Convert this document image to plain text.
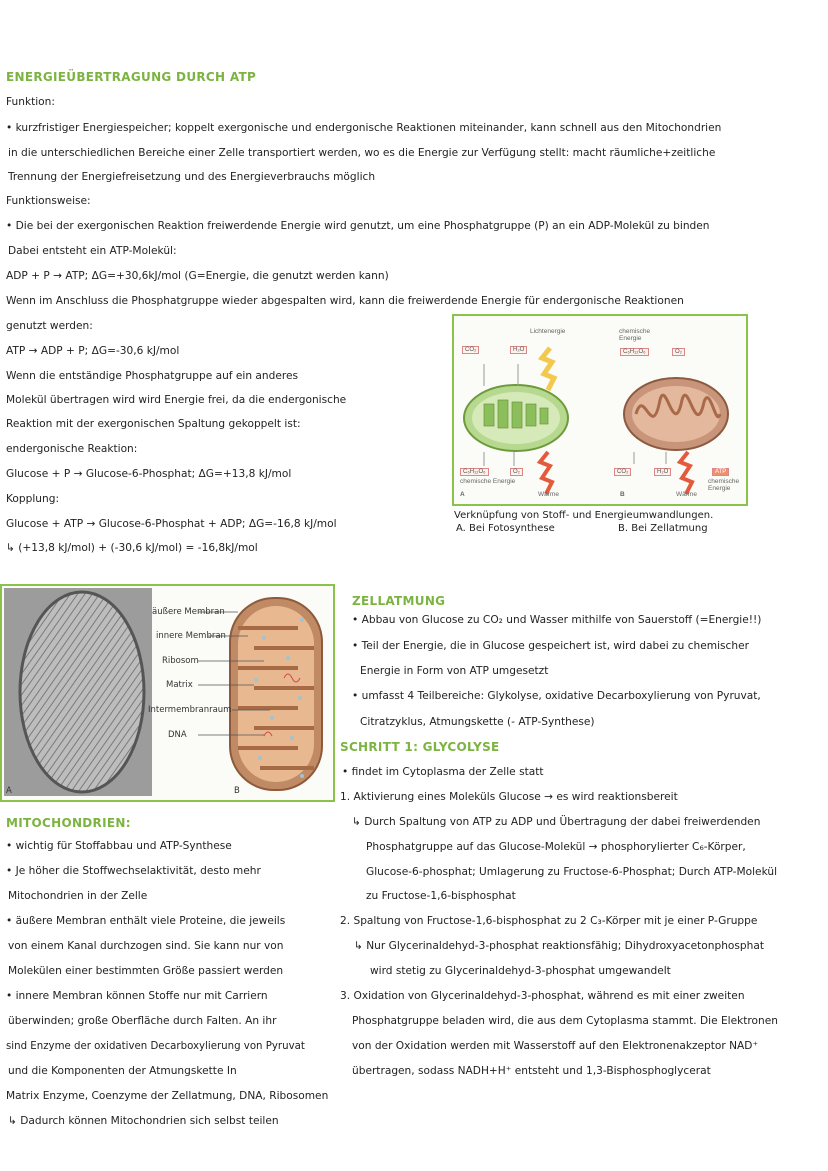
ENERGIEÜBERTRAGUNG DURCH ATP
Funktion:
• kurzfristiger Energiespeicher; koppelt exergonische und endergonische Reaktionen miteinander, kann schnell aus den Mitochondrien
in die unterschiedlichen Bereiche einer Zelle transportiert werden, wo es die Energie zur Verfügung stellt: macht räumliche+zeitliche
Trennung der Energiefreisetzung und des Energieverbrauchs möglich
Funktionsweise:
• Die bei der exergonischen Reaktion freiwerdende Energie wird genutzt, um eine Phosphatgruppe (P) an ein ADP-Molekül zu binden
Dabei entsteht ein ATP-Molekül:
ADP + P → ATP; ΔG=+30,6kJ/mol (G=Energie, die genutzt werden kann)
Wenn im Anschluss die Phosphatgruppe wieder abgespalten wird, kann die freiwerdende Energie für endergonische Reaktionen
genutzt werden:
ATP → ADP + P; ΔG=-30,6 kJ/mol
Wenn die entständige Phosphatgruppe auf ein anderes
Molekül übertragen wird wird Energie frei, da die endergonische
Reaktion mit der exergonischen Spaltung gekoppelt ist:
endergonische Reaktion:
Glucose + P → Glucose-6-Phosphat; ΔG=+13,8 kJ/mol
Kopplung:
Glucose + ATP → Glucose-6-Phosphat + ADP; ΔG=-16,8 kJ/mol
↳ (+13,8 kJ/mol) + (-30,6 kJ/mol) = -16,8kJ/mol
Lichtenergie	chemische Energie
CO₂	H₂O	C₆H₁₂O₆	O₂
C₆H₁₂O₆	O₂
chemische Energie
A	Wärme
CO₂	H₂O	ATP
chemische Energie
B	Wärme
Verknüpfung von Stoff- und Energieumwandlungen.
A. Bei Fotosynthese	B. Bei Zellatmung
äußere Membran
innere Membran
Ribosom
Matrix
Intermembranraum
DNA
A	B
ZELLATMUNG
• Abbau von Glucose zu CO₂ und Wasser mithilfe von Sauerstoff (=Energie!!)
• Teil der Energie, die in Glucose gespeichert ist, wird dabei zu chemischer
Energie in Form von ATP umgesetzt
• umfasst 4 Teilbereiche: Glykolyse, oxidative Decarboxylierung von Pyruvat,
Citratzyklus, Atmungskette (- ATP-Synthese)
SCHRITT 1: GLYCOLYSE
• findet im Cytoplasma der Zelle statt
1. Aktivierung eines Moleküls Glucose → es wird reaktionsbereit
↳ Durch Spaltung von ATP zu ADP und Übertragung der dabei freiwerdenden
Phosphatgruppe auf das Glucose-Molekül → phosphorylierter C₆-Körper,
Glucose-6-phosphat; Umlagerung zu Fructose-6-Phosphat; Durch ATP-Molekül
zu Fructose-1,6-bisphosphat
2. Spaltung von Fructose-1,6-bisphosphat zu 2 C₃-Körper mit je einer P-Gruppe
↳ Nur Glycerinaldehyd-3-phosphat reaktionsfähig; Dihydroxyacetonphosphat
wird stetig zu Glycerinaldehyd-3-phosphat umgewandelt
3. Oxidation von Glycerinaldehyd-3-phosphat, während es mit einer zweiten
Phosphatgruppe beladen wird, die aus dem Cytoplasma stammt. Die Elektronen
von der Oxidation werden mit Wasserstoff auf den Elektronenakzeptor NAD⁺
übertragen, sodass NADH+H⁺ entsteht und 1,3-Bisphosphoglycerat
MITOCHONDRIEN:
• wichtig für Stoffabbau und ATP-Synthese
• Je höher die Stoffwechselaktivität, desto mehr
Mitochondrien in der Zelle
• äußere Membran enthält viele Proteine, die jeweils
von einem Kanal durchzogen sind. Sie kann nur von
Molekülen einer bestimmten Größe passiert werden
• innere Membran können Stoffe nur mit Carriern
überwinden; große Oberfläche durch Falten. An ihr
sind Enzyme der oxidativen Decarboxylierung von Pyruvat
und die Komponenten der Atmungskette In
Matrix Enzyme, Coenzyme der Zellatmung, DNA, Ribosomen
↳ Dadurch können Mitochondrien sich selbst teilen
